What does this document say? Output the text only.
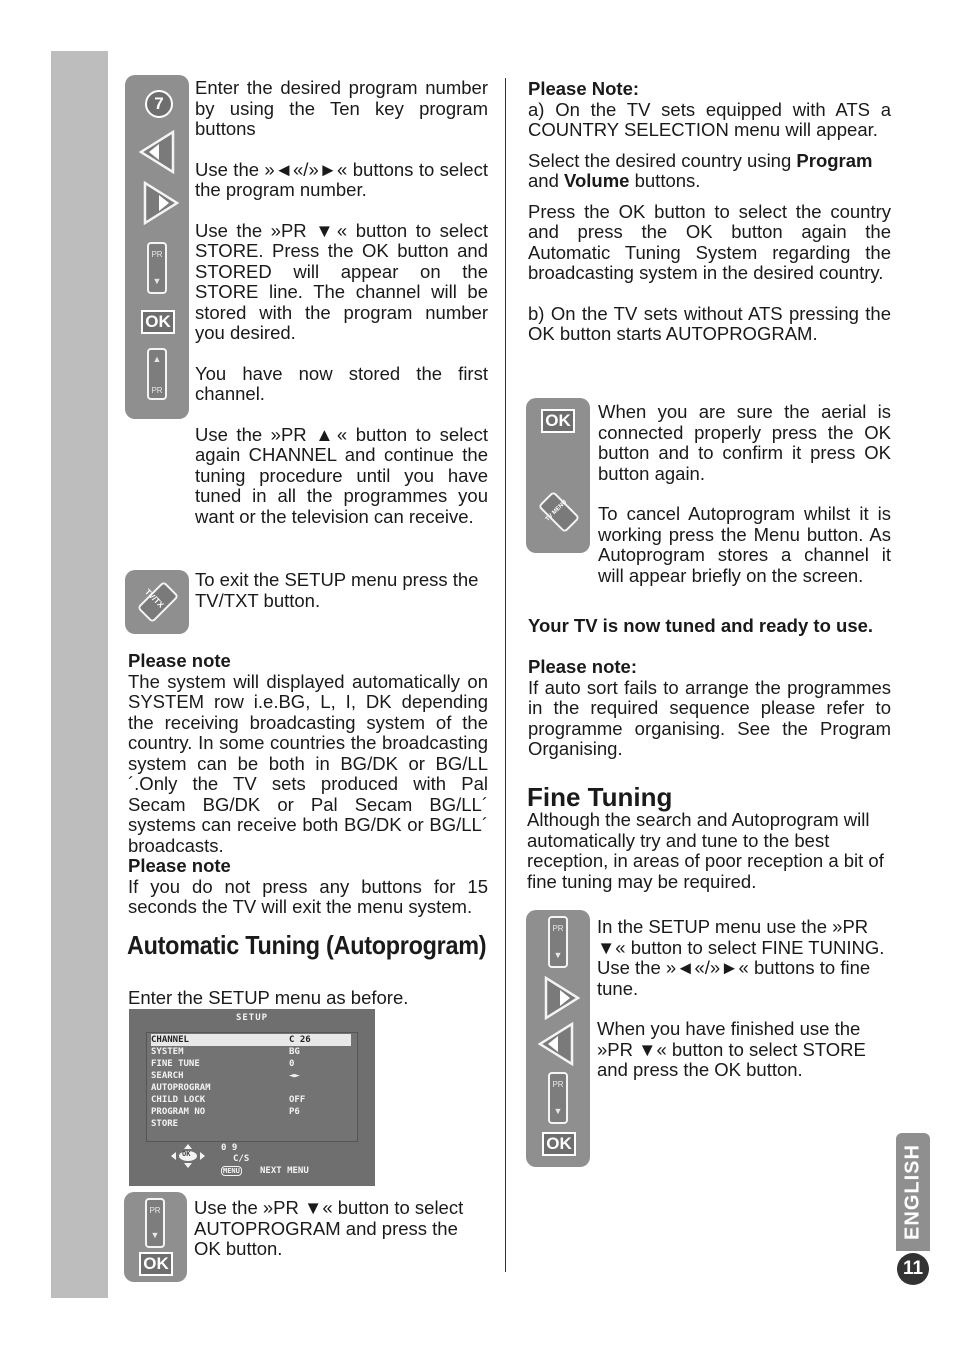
7
PR
▼
OK
▲
PR

Enter the desired program number by using the Ten key program buttons

Use the »◄«/»►« buttons to select the program number.

Use the »PR ▼« button to select STORE. Press the OK button and STORED will appear on the STORE line. The channel will be stored with the program number you desired.

You have now stored the first channel.

Use the »PR ▲« button to select again CHANNEL and continue the tuning procedure until you have tuned in all the programmes you want or the television can receive.

TV/TX
To exit the SETUP menu press the TV/TXT button.
Please note
The system will displayed automatically on SYSTEM row i.e.BG, L, I, DK depending the receiving broadcasting system of the country. In some countries the broadcasting system can be both in BG/DK or BG/LL´.Only the TV sets produced with Pal Secam BG/DK or Pal Secam BG/LL´ systems can receive both BG/DK or BG/LL´ broadcasts.
Please note
If you do not press any buttons for 15 seconds the TV will exit the menu system.
Automatic Tuning (Autoprogram)
Enter the SETUP menu as before.
SETUP
CHANNEL	C 26
SYSTEM	BG
FINE TUNE	0
SEARCH	◄►
AUTOPROGRAM
CHILD LOCK	OFF
PROGRAM NO	P6
STORE
OK
0 9
C/S
MENU NEXT MENU
PR
▼
OK
Use the »PR ▼« button to select AUTOPROGRAM and press the OK button.
Please Note:
a) On the TV sets equipped with ATS a COUNTRY SELECTION menu will appear.
Select the desired country using Program and Volume buttons.
Press the OK button to select the country and press the OK button again the Automatic Tuning System regarding the broadcasting system in the desired country.
b) On the TV sets without ATS pressing the OK button starts AUTOPROGRAM.
OK
TV MENU

When you are sure the aerial is connected properly press the OK button and to confirm it press OK button again.

To cancel Autoprogram whilst it is working press the Menu button. As Autoprogram stores a channel it will appear briefly on the screen.

Your TV is now tuned and ready to use.
Please note:
If auto sort fails to arrange the programmes in the required sequence please refer to programme organising. See the Program Organising.
Fine Tuning
Although the search and Autoprogram will automatically try and tune to the best reception, in areas of poor reception a bit of fine tuning may be required.
PR
▼
PR
▼
OK

In the SETUP menu use the »PR ▼« button to select FINE TUNING. Use the »◄«/»►« buttons to fine tune.

When you have finished use the »PR ▼« button to select STORE and press the OK button.

ENGLISH
11
